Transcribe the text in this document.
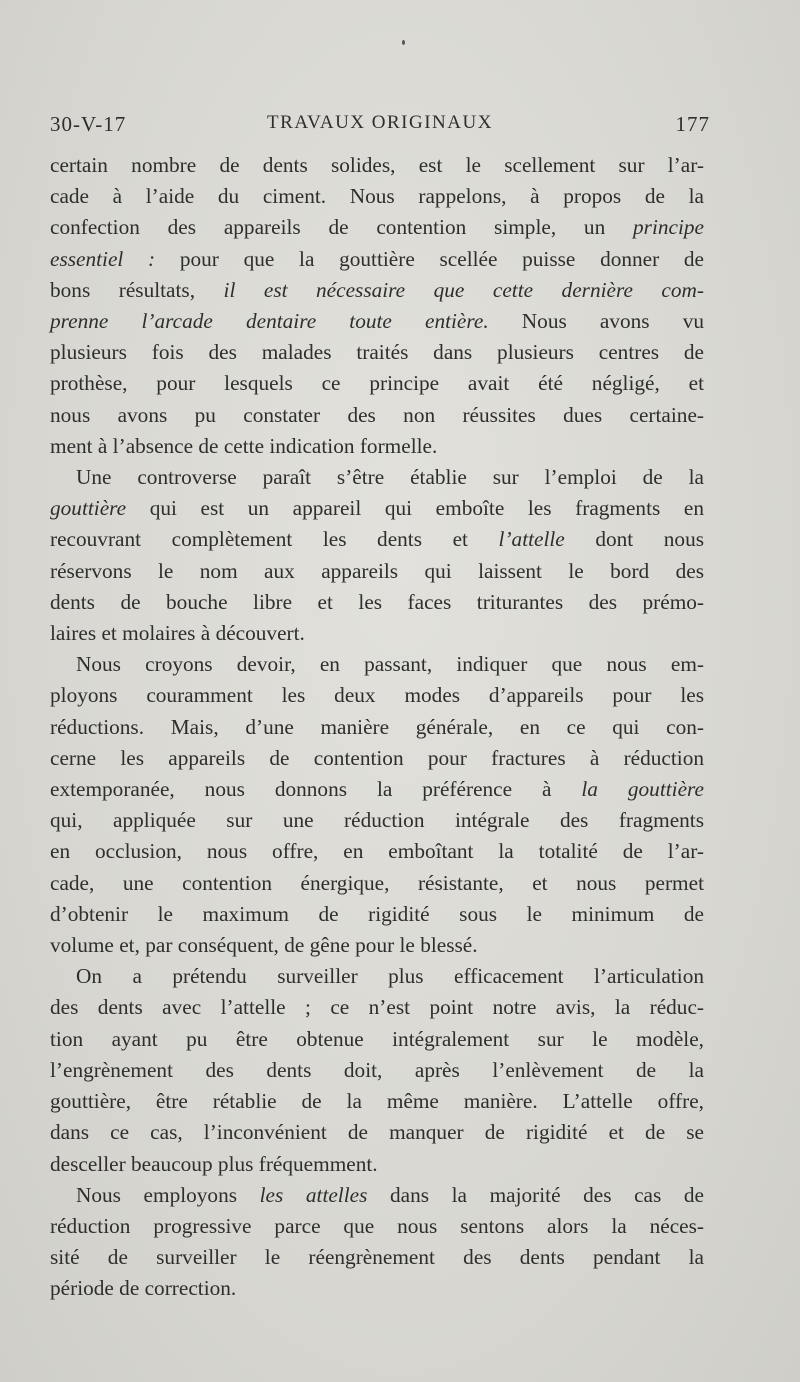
30-V-17	TRAVAUX ORIGINAUX	177

certain nombre de dents solides, est le scellement sur l’ar-
cade à l’aide du ciment. Nous rappelons, à propos de la
confection des appareils de contention simple, un principe
essentiel : pour que la gouttière scellée puisse donner de
bons résultats, il est nécessaire que cette dernière com-
prenne l’arcade dentaire toute entière. Nous avons vu
plusieurs fois des malades traités dans plusieurs centres de
prothèse, pour lesquels ce principe avait été négligé, et
nous avons pu constater des non réussites dues certaine-
ment à l’absence de cette indication formelle.

Une controverse paraît s’être établie sur l’emploi de la
gouttière qui est un appareil qui emboîte les fragments en
recouvrant complètement les dents et l’attelle dont nous
réservons le nom aux appareils qui laissent le bord des
dents de bouche libre et les faces triturantes des prémo-
laires et molaires à découvert.

Nous croyons devoir, en passant, indiquer que nous em-
ployons couramment les deux modes d’appareils pour les
réductions. Mais, d’une manière générale, en ce qui con-
cerne les appareils de contention pour fractures à réduction
extemporanée, nous donnons la préférence à la gouttière
qui, appliquée sur une réduction intégrale des fragments
en occlusion, nous offre, en emboîtant la totalité de l’ar-
cade, une contention énergique, résistante, et nous permet
d’obtenir le maximum de rigidité sous le minimum de
volume et, par conséquent, de gêne pour le blessé.

On a prétendu surveiller plus efficacement l’articulation
des dents avec l’attelle ; ce n’est point notre avis, la réduc-
tion ayant pu être obtenue intégralement sur le modèle,
l’engrènement des dents doit, après l’enlèvement de la
gouttière, être rétablie de la même manière. L’attelle offre,
dans ce cas, l’inconvénient de manquer de rigidité et de se
desceller beaucoup plus fréquemment.

Nous employons les attelles dans la majorité des cas de
réduction progressive parce que nous sentons alors la néces-
sité de surveiller le réengrènement des dents pendant la
période de correction.
